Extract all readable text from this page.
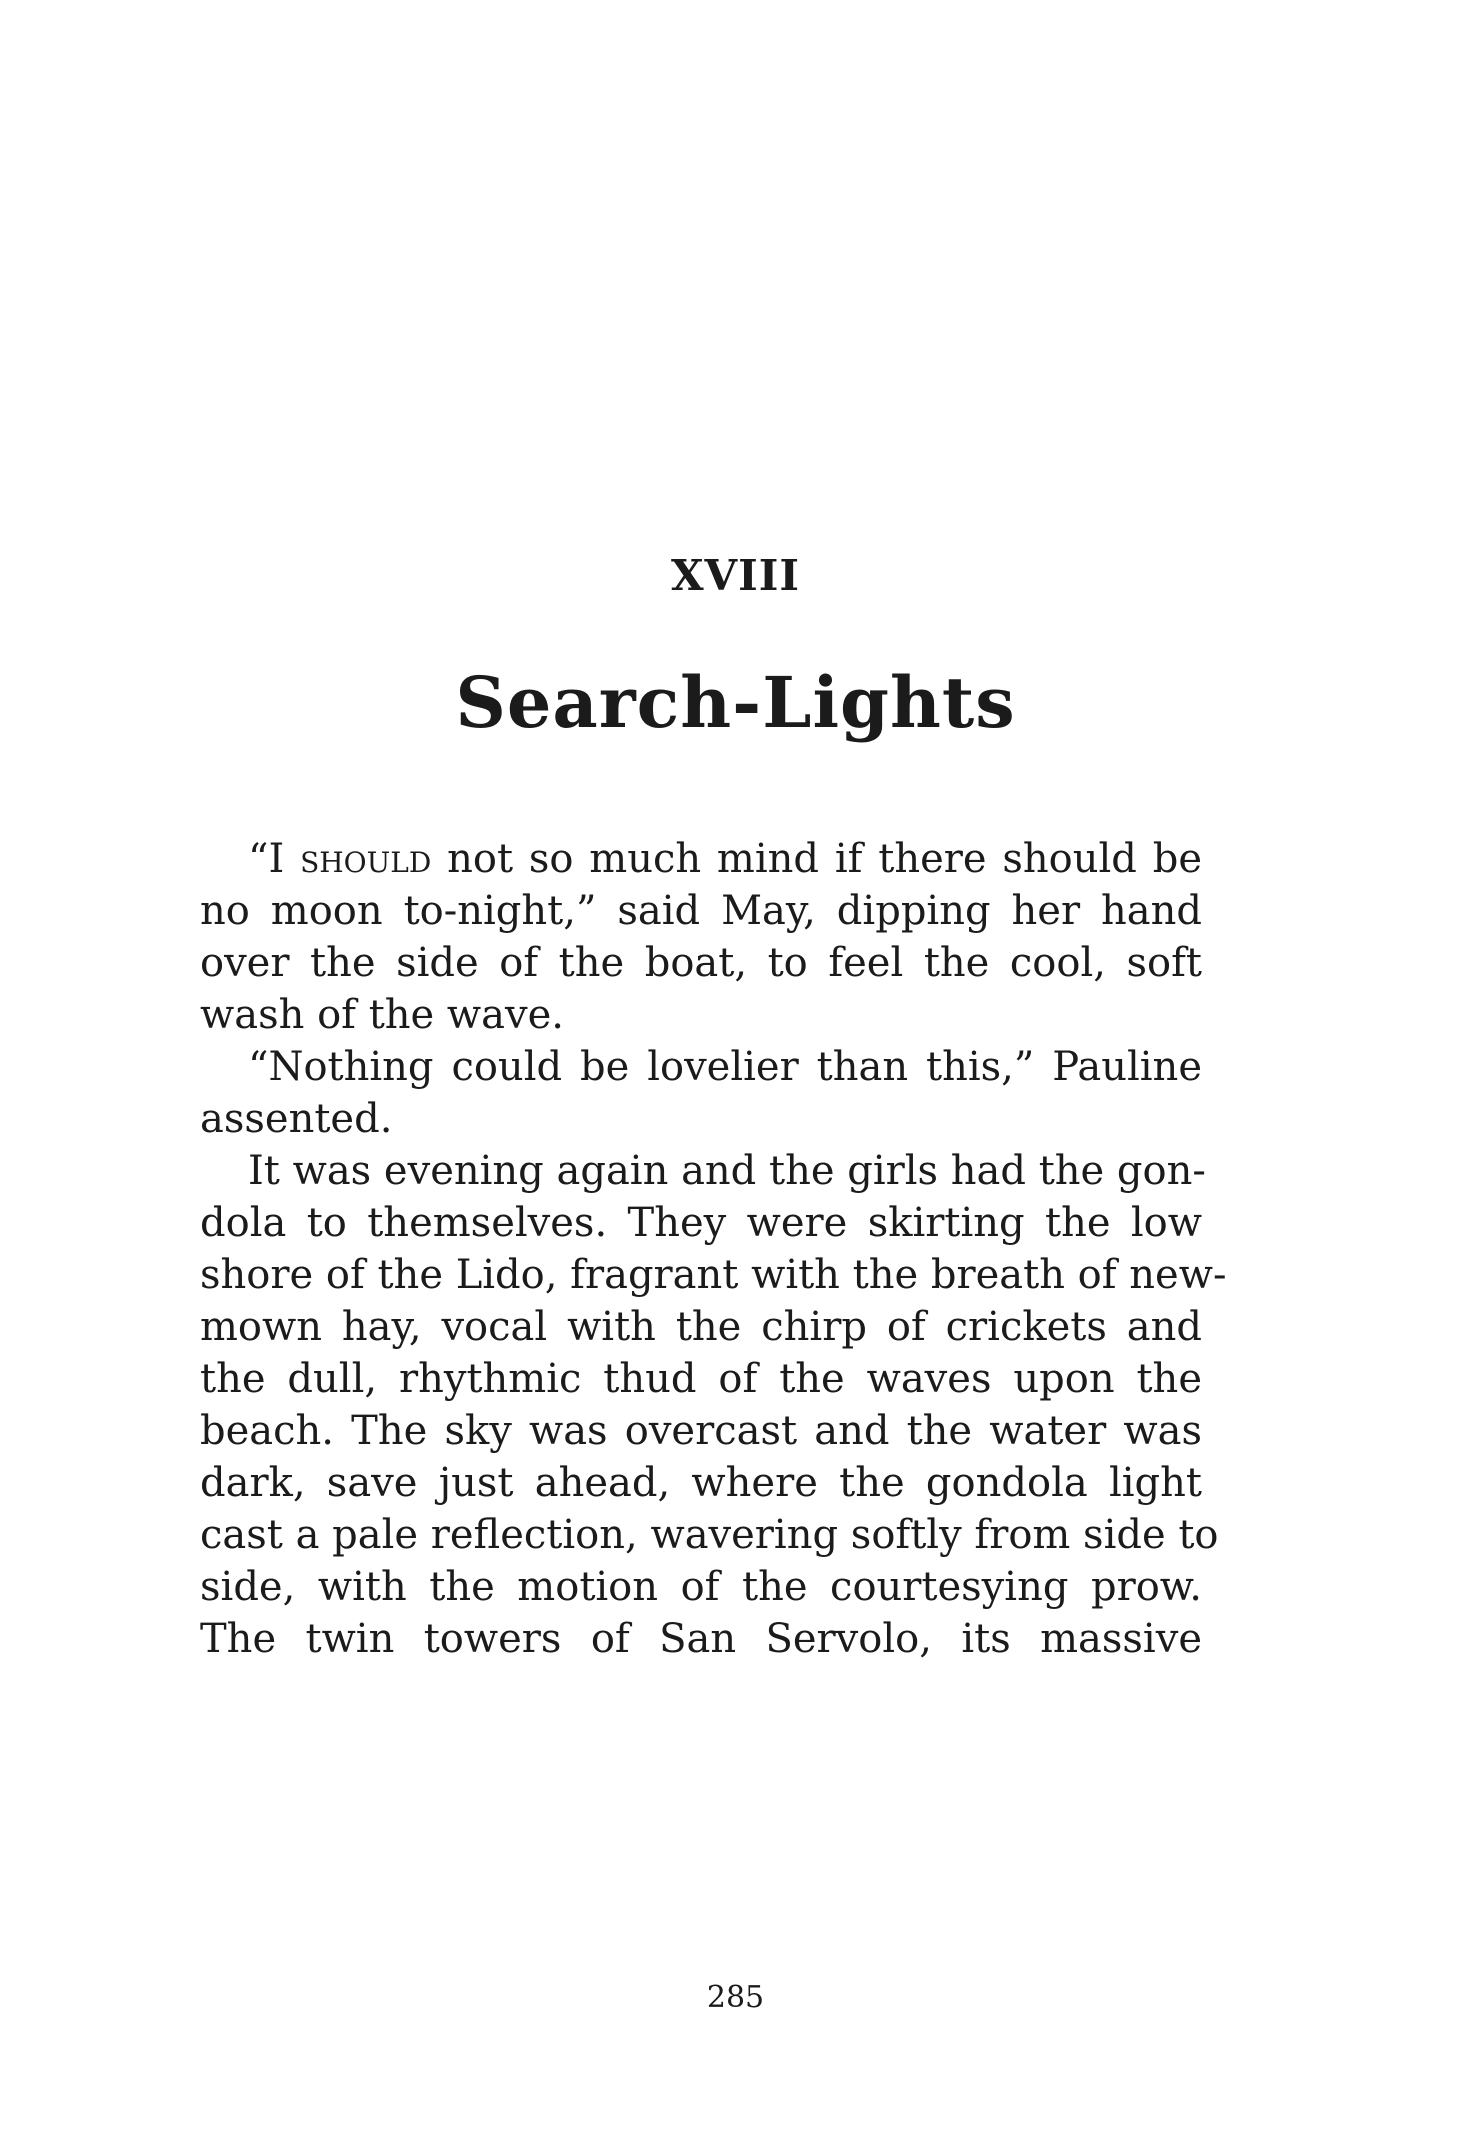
XVIII
Search-Lights
“I should not so much mind if there should be
no moon to-night,” said May, dipping her hand
over the side of the boat, to feel the cool, soft
wash of the wave.
“Nothing could be lovelier than this,” Pauline
assented.
It was evening again and the girls had the gon-
dola to themselves. They were skirting the low
shore of the Lido, fragrant with the breath of new-
mown hay, vocal with the chirp of crickets and
the dull, rhythmic thud of the waves upon the
beach. The sky was overcast and the water was
dark, save just ahead, where the gondola light
cast a pale reflection, wavering softly from side to
side, with the motion of the courtesying prow.
The twin towers of San Servolo, its massive
285
